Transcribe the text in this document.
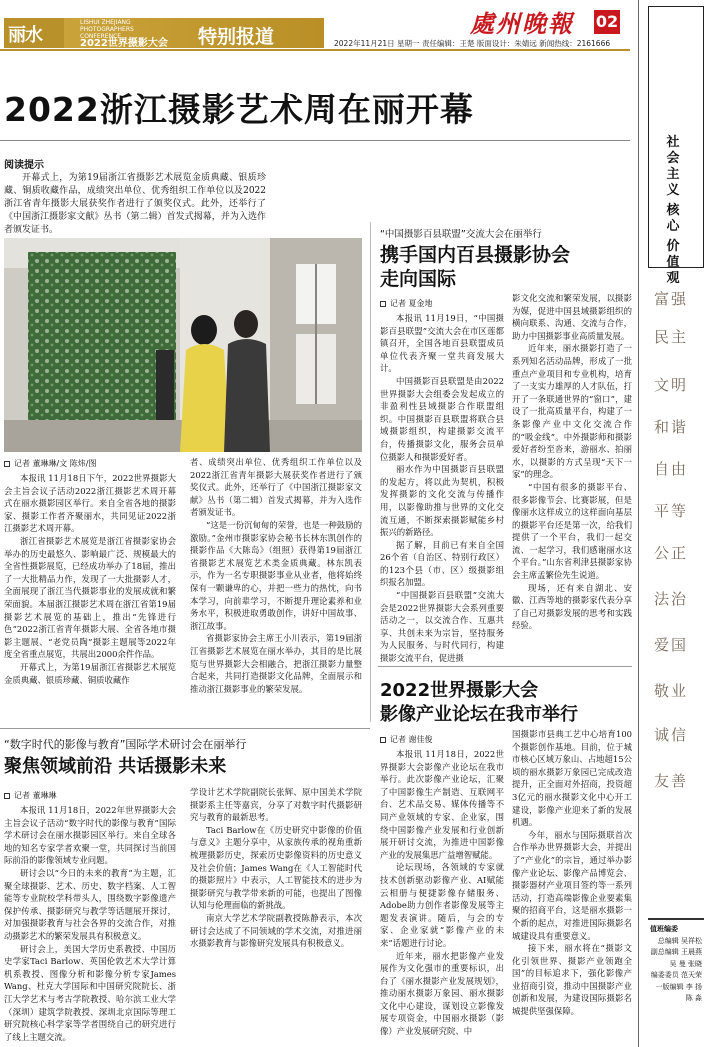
丽水
LISHUI ZHEJIANG
PHOTOGRAPHERS CONFERENCE
2022世界摄影大会 特别报道	處州晚報 02
2022年11月21日 星期一 责任编辑：王楚 版面设计：朱婧远 新闻热线：2161666
2022浙江摄影艺术周在丽开幕
阅读提示
开幕式上，为第19届浙江省摄影艺术展览金质典藏、银质珍藏、铜质收藏作品，成绩突出单位、优秀组织工作单位以及2022浙江省青年摄影大展获奖作者进行了颁奖仪式。此外，还举行了《中国浙江摄影家文献》丛书（第二辑）首发式揭幕，并为入选作者颁发证书。
记者 董琳琳/文 陈炜/图

本报讯 11月18日下午，2022世界摄影大会主旨会议子活动2022浙江摄影艺术周开幕式在丽水摄影园区举行。来自全省各地的摄影家、摄影工作者齐聚丽水，共同见证2022浙江摄影艺术周开幕。

浙江省摄影艺术展览是浙江省摄影家协会举办的历史最悠久、影响最广泛、规模最大的全省性摄影展览，已经成功举办了18届，推出了一大批精品力作，发现了一大批摄影人才，全面展现了浙江当代摄影事业的发展成就和繁荣面貌。本届浙江摄影艺术周在浙江省第19届摄影艺术展览的基础上，推出“先锋进行色”2022浙江省青年摄影大展、全省各地市摄影主题展、“老党员陶”摄影主题展等2022年度全省重点展览，共展出2000余件作品。

开幕式上，为第19届浙江省摄影艺术展览金质典藏、银质珍藏、铜质收藏作

者、成绩突出单位、优秀组织工作单位以及2022浙江省青年摄影大展获奖作者进行了颁奖仪式。此外，还举行了《中国浙江摄影家文献》丛书（第二辑）首发式揭幕，并为入选作者颁发证书。

“这是一份沉甸甸的荣誉，也是一种鼓励的激励。”金州市摄影家协会秘书长林东凯创作的摄影作品《大陈岛》（组照）获得第19届浙江省摄影艺术展览艺术类金质典藏。林东凯表示，作为一名专职摄影事业从业者，他将始终保有一颗谦卑的心，并把一些力的热忱，向书本学习，向前辈学习，不断提升理论素养和业务水平，积极进取勇敢创作，讲好中国故事、浙江故事。

省摄影家协会主席王小川表示，第19届浙江省摄影艺术展览在丽水举办，其目的是比展览与世界摄影大会相融合，把浙江摄影力量整合起来，共同打造摄影文化品牌，全面展示和推动浙江摄影事业的繁荣发展。

“中国摄影百县联盟”交流大会在丽举行
携手国内百县摄影协会
走向国际
记者 夏金地

本报讯 11月19日，“中国摄影百县联盟”交流大会在市区莲都镇召开，全国各地百县联盟成员单位代表齐聚一堂共商发展大计。

中国摄影百县联盟是由2022世界摄影大会组委会发起成立的非盈利性县域摄影合作联盟组织。中国摄影百县联盟将联合县域摄影组织，构建摄影交流平台，传播摄影文化，服务会员单位摄影人和摄影爱好者。

丽水作为中国摄影百县联盟的发起方，将以此为契机，积极发挥摄影的文化交流与传播作用，以影像助推与世界的文化交流互通，不断探索摄影赋能乡村振兴的新路径。

据了解，目前已有来自全国26个省（自治区、特别行政区）的123个县（市、区）级摄影组织报名加盟。

“中国摄影百县联盟”交流大会是2022世界摄影大会系列重要活动之一，以交流合作、互惠共享、共创未来为宗旨，坚持服务为人民服务、与时代同行，构建摄影交流平台，促进摄

影文化交流和繁荣发展，以摄影为媒，促进中国县域摄影组织的横向联系、沟通、交流与合作，助力中国摄影事业高质量发展。

近年来，丽水摄影打造了一系列知名活动品牌，形成了一批重点产业项目和专业机构，培育了一支实力雄厚的人才队伍，打开了一条联通世界的“窗口”，建设了一批高质量平台，构建了一条影像产业中文化交流合作的“吸金线”。中外摄影师和摄影爱好者纷至沓来，游丽水、拍丽水，以摄影的方式呈现“天下一家”的理念。

“中国有很多的摄影平台、很多影像节会、比赛影展，但是像丽水这样成立的这样面向基层的摄影平台还是第一次，给我们提供了一个平台，我们一起交流、一起学习，我们感谢丽水这个平台。”山东省利津县摄影家协会主席孟繁俭先生说道。

现场，还有来自湖北、安徽、江西等地的摄影家代表分享了自己对摄影发展的思考和实践经验。

2022世界摄影大会
影像产业论坛在我市举行
记者 谢佳俊

本报讯 11月18日，2022世界摄影大会影像产业论坛在我市举行。此次影像产业论坛，汇聚了中国影像生产制造、互联网平台、艺术品交易、媒体传播等不同产业领域的专家、企业家，围绕中国影像产业发展和行业创新展开研讨交流，为推进中国影像产业的发展集思广益增智赋能。

论坛现场，各领域的专家就技术创新驱动影像产业、AI赋能云相册与便捷影像存储服务、Adobe助力创作者影像发展等主题发表演讲。随后，与会的专家、企业家就“影像产业的未来”话题进行讨论。

近年来，丽水把影像产业发展作为文化强市的重要标识，出台了《丽水摄影产业发展规划》，推动丽水摄影万象园、丽水摄影文化中心建设，谋划设立影像发展专项资金，中国丽水摄影（影像）产业发展研究院、中

国摄影市县典工艺中心培育100个摄影创作基地。目前，位于城市核心区域万象山、占地超15公顷的丽水摄影万象园已完成改造提升，正全面对外招商，投资超3亿元的丽水摄影文化中心开工建设，影像产业迎来了新的发展机遇。

今年，丽水与国际摄联首次合作举办世界摄影大会，并提出了“产业化”的宗旨，通过举办影像产业论坛、影像产品博览会、摄影器材产业项目签约等一系列活动，打造高端影像企业要素集聚的招商平台，这是丽水摄影一个新的起点，对推进国际摄影名城建设具有重要意义。

接下来，丽水将在“摄影文化引领世界、摄影产业领跑全国”的目标追求下，强化影像产业招商引资，推动中国摄影产业创新和发展，为建设国际摄影名城提供坚强保障。

“数字时代的影像与教育”国际学术研讨会在丽举行
聚焦领域前沿 共话摄影未来
记者 董琳琳

本报讯 11月18日，2022年世界摄影大会主旨会议子活动“数字时代的影像与教育”国际学术研讨会在丽水摄影园区举行。来自全球各地的知名专家学者欢聚一堂，共同探讨当前国际前沿的影像领域专业问题。

研讨会以“今日的未来的教育”为主题，汇聚全球摄影、艺术、历史、数字档案、人工智能等专业院校学科带头人，围绕数字影像遗产保护传承、摄影研究与教学等话题展开探讨，对加强摄影教育与社会各界的交流合作，对推动摄影艺术的繁荣发展具有积极意义。

研讨会上，美国大学历史系教授、中国历史学家Taci Barlow、英国伦敦艺术大学计算机系教授、图像分析和影像分析专家James Wang、杜克大学国际和中国研究院院长、浙江大学艺术与考古学院教授、哈尔滨工业大学（深圳）建筑学院教授、深圳北京国际等理工研究院核心科学家等学者围绕自己的研究进行了线上主题交流。

学设计艺术学院副院长张辉、原中国美术学院摄影系主任等嘉宾，分享了对数字时代摄影研究与教育的最新思考。

Taci Barlow在《历史研究中影像的价值与意义》主题分享中，从家族传承的视角重新梳理摄影历史，探索历史影像资料的历史意义及社会价值；James Wang在《人工智能时代的摄影照片》中表示，人工智能技术的进步为摄影研究与教学带来新的可能，也提出了图像认知与伦理面临的新挑战。

南京大学艺术学院副教授陈静表示，本次研讨会达成了不同领域的学术交流，对推进丽水摄影教育与影像研究发展具有积极意义。

社
会
主
义
核
心
价
值
观
富强
民主
文明
和谐
自由
平等
公正
法治
爱国
敬业
诚信
友善
值班编委
总编辑 吴祥松
副总编辑 王晨燕
吴 曼 张晓
编委委员 范天荣
一版编辑 李 扬
陈 淼
